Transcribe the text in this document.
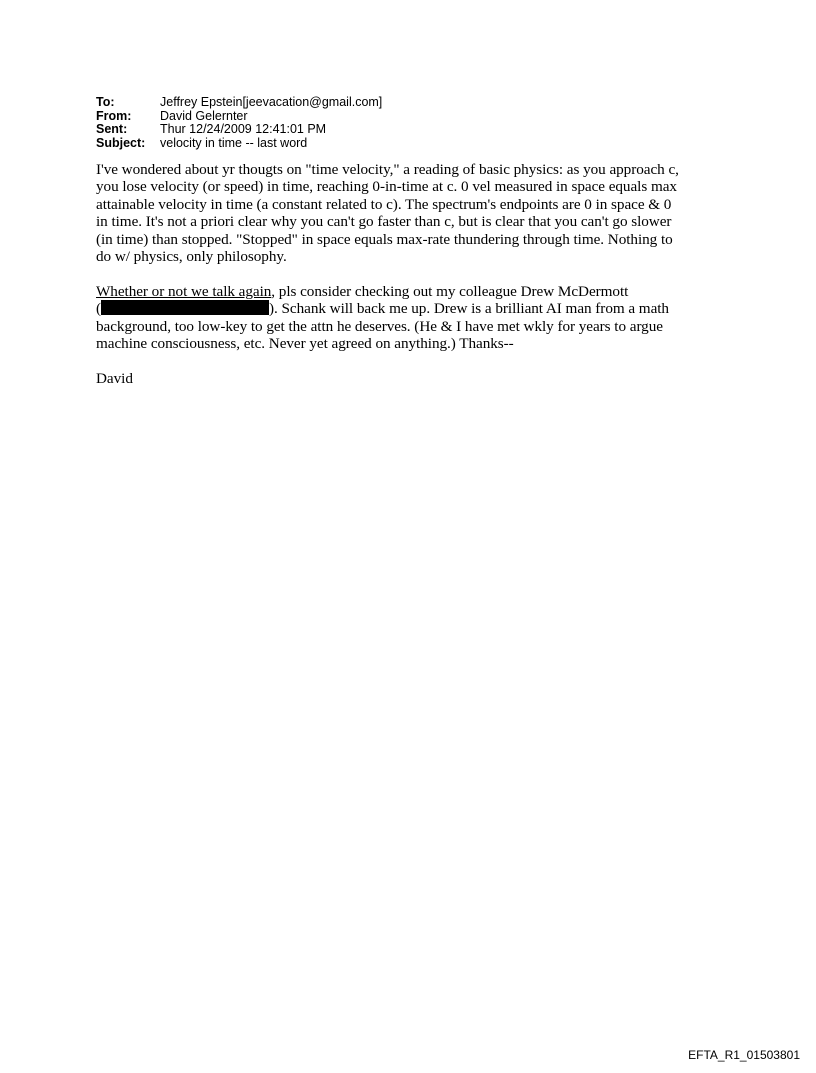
To:	Jeffrey Epstein[jeevacation@gmail.com]
From:	David Gelernter
Sent:	Thur 12/24/2009 12:41:01 PM
Subject:	velocity in time -- last word

I've wondered about yr thougts on "time velocity," a reading of basic physics: as you approach c,
you lose velocity (or speed) in time, reaching 0-in-time at c. 0 vel measured in space equals max
attainable velocity in time (a constant related to c). The spectrum's endpoints are 0 in space & 0
in time. It's not a priori clear why you can't go faster than c, but is clear that you can't go slower
(in time) than stopped. "Stopped" in space equals max-rate thundering through time. Nothing to
do w/ physics, only philosophy.

Whether or not we talk again, pls consider checking out my colleague Drew McDermott
(	). Schank will back me up. Drew is a brilliant AI man from a math
background, too low-key to get the attn he deserves. (He & I have met wkly for years to argue
machine consciousness, etc. Never yet agreed on anything.) Thanks--

David

EFTA_R1_01503801
